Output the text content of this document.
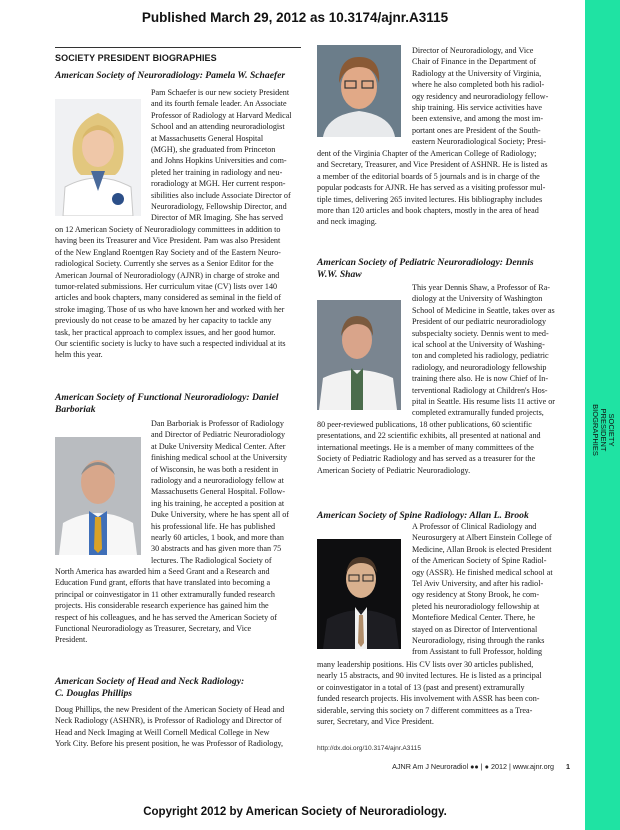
Published March 29, 2012 as 10.3174/ajnr.A3115
SOCIETY
PRESIDENT
BIOGRAPHIES
SOCIETY PRESIDENT BIOGRAPHIES
American Society of Neuroradiology: Pamela W. Schaefer
Pam Schaefer is our new society President
and its fourth female leader. An Associate
Professor of Radiology at Harvard Medical
School and an attending neuroradiologist
at Massachusetts General Hospital
(MGH), she graduated from Princeton
and Johns Hopkins Universities and com-
pleted her training in radiology and neu-
roradiology at MGH. Her current respon-
sibilities also include Associate Director of
Neuroradiology, Fellowship Director, and
Director of MR Imaging. She has served
on 12 American Society of Neuroradiology committees in addition to
having been its Treasurer and Vice President. Pam was also President
of the New England Roentgen Ray Society and of the Eastern Neuro-
radiological Society. Currently she serves as a Senior Editor for the
American Journal of Neuroradiology (AJNR) in charge of stroke and
tumor-related submissions. Her curriculum vitae (CV) lists over 140
articles and book chapters, many considered as seminal in the field of
stroke imaging. Those of us who have known her and worked with her
previously do not cease to be amazed by her capacity to tackle any
task, her practical approach to complex issues, and her good humor.
Our scientific society is lucky to have such a respected individual at its
helm this year.
American Society of Functional Neuroradiology: Daniel
Barboriak
Dan Barboriak is Professor of Radiology
and Director of Pediatric Neuroradiology
at Duke University Medical Center. After
finishing medical school at the University
of Wisconsin, he was both a resident in
radiology and a neuroradiology fellow at
Massachusetts General Hospital. Follow-
ing his training, he accepted a position at
Duke University, where he has spent all of
his professional life. He has published
nearly 60 articles, 1 book, and more than
30 abstracts and has given more than 75
lectures. The Radiological Society of
North America has awarded him a Seed Grant and a Research and
Education Fund grant, efforts that have translated into becoming a
principal or coinvestigator in 11 other extramurally funded research
projects. His considerable research experience has gained him the
respect of his colleagues, and he has served the American Society of
Functional Neuroradiology as Treasurer, Secretary, and Vice
President.
American Society of Head and Neck Radiology:
C. Douglas Phillips
Doug Phillips, the new President of the American Society of Head and
Neck Radiology (ASHNR), is Professor of Radiology and Director of
Head and Neck Imaging at Weill Cornell Medical College in New
York City. Before his present position, he was Professor of Radiology,
Director of Neuroradiology, and Vice
Chair of Finance in the Department of
Radiology at the University of Virginia,
where he also completed both his radiol-
ogy residency and neuroradiology fellow-
ship training. His service activities have
been extensive, and among the most im-
portant ones are President of the South-
eastern Neuroradiological Society; Presi-
dent of the Virginia Chapter of the American College of Radiology;
and Secretary, Treasurer, and Vice President of ASHNR. He is listed as
a member of the editorial boards of 5 journals and is in charge of the
popular podcasts for AJNR. He has served as a visiting professor mul-
tiple times, delivering 265 invited lectures. His bibliography includes
more than 120 articles and book chapters, mostly in the area of head
and neck imaging.
American Society of Pediatric Neuroradiology: Dennis
W.W. Shaw
This year Dennis Shaw, a Professor of Ra-
diology at the University of Washington
School of Medicine in Seattle, takes over as
President of our pediatric neuroradiology
subspecialty society. Dennis went to med-
ical school at the University of Washing-
ton and completed his radiology, pediatric
radiology, and neuroradiology fellowship
training there also. He is now Chief of In-
terventional Radiology at Children's Hos-
pital in Seattle. His resume lists 11 active or
completed extramurally funded projects,
80 peer-reviewed publications, 18 other publications, 60 scientific
presentations, and 22 scientific exhibits, all presented at national and
international meetings. He is a member of many committees of the
Society of Pediatric Radiology and has served as a treasurer for the
American Society of Pediatric Neuroradiology.
American Society of Spine Radiology: Allan L. Brook
A Professor of Clinical Radiology and
Neurosurgery at Albert Einstein College of
Medicine, Allan Brook is elected President
of the American Society of Spine Radiol-
ogy (ASSR). He finished medical school at
Tel Aviv University, and after his radiol-
ogy residency at Stony Brook, he com-
pleted his neuroradiology fellowship at
Montefiore Medical Center. There, he
stayed on as Director of Interventional
Neuroradiology, rising through the ranks
from Assistant to full Professor, holding
many leadership positions. His CV lists over 30 articles published,
nearly 15 abstracts, and 90 invited lectures. He is listed as a principal
or coinvestigator in a total of 13 (past and present) extramurally
funded research projects. His involvement with ASSR has been con-
siderable, serving this society on 7 different committees as a Trea-
surer, Secretary, and Vice President.
http://dx.doi.org/10.3174/ajnr.A3115
AJNR Am J Neuroradiol ●● | ● 2012 | www.ajnr.org 1
Copyright 2012 by American Society of Neuroradiology.
